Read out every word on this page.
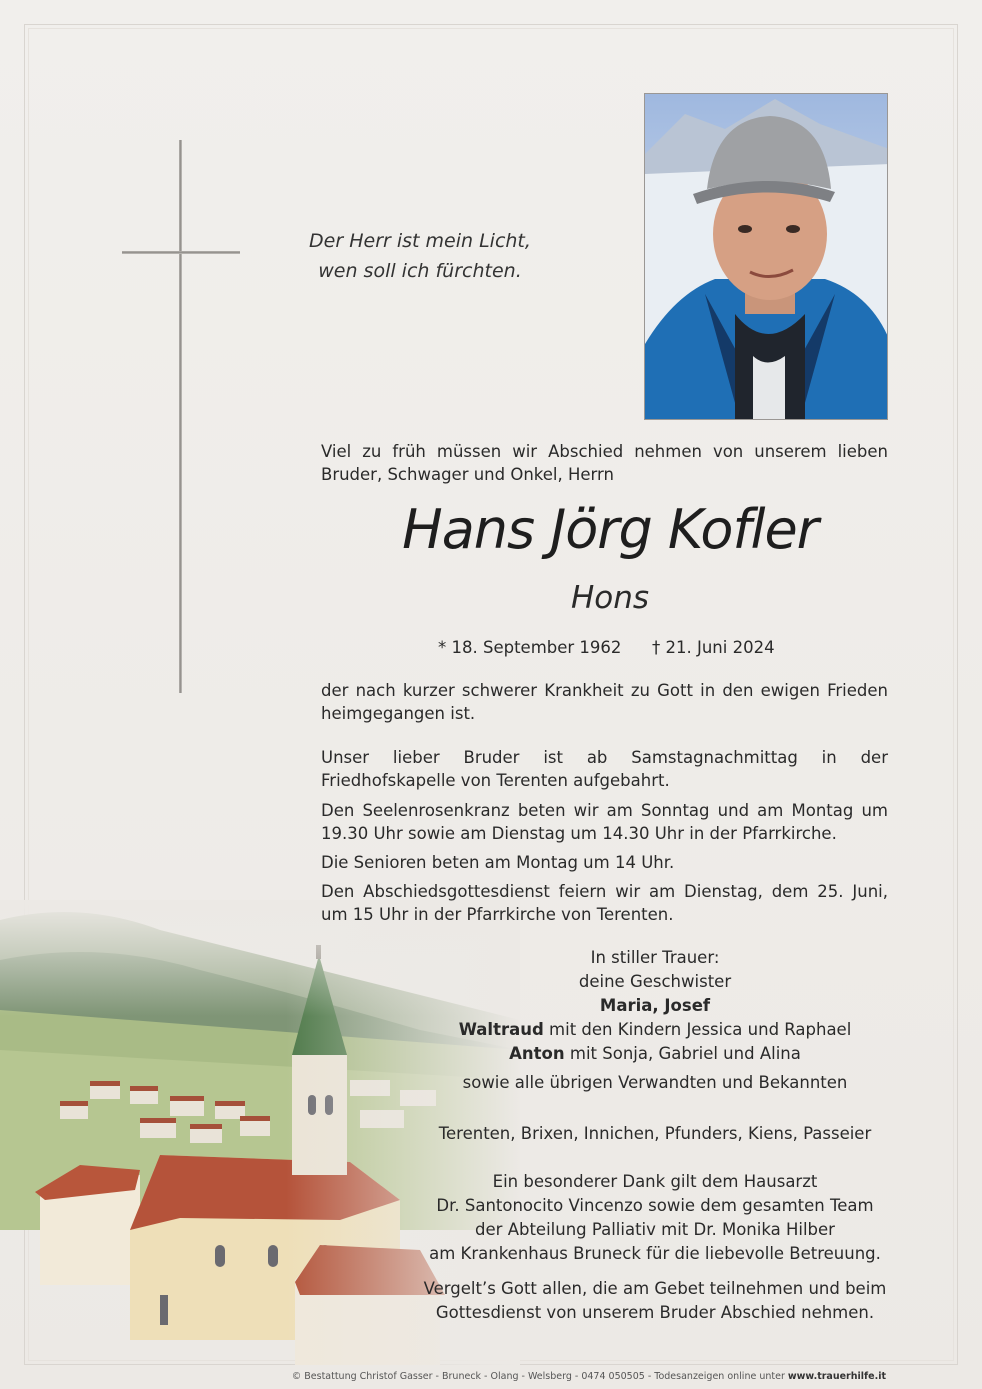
Der Herr ist mein Licht,
wen soll ich fürchten.
Viel zu früh müssen wir Abschied nehmen von unserem lieben Bruder, Schwager und Onkel, Herrn
Hans Jörg Kofler
Hons
* 18. September 1962 † 21. Juni 2024
der nach kurzer schwerer Krankheit zu Gott in den ewigen Frieden heimgegangen ist.
Unser lieber Bruder ist ab Samstagnachmittag in der Friedhofskapelle von Terenten aufgebahrt.
Den Seelenrosenkranz beten wir am Sonntag und am Montag um 19.30 Uhr sowie am Dienstag um 14.30 Uhr in der Pfarrkirche.
Die Senioren beten am Montag um 14 Uhr.
Den Abschiedsgottesdienst feiern wir am Dienstag, dem 25. Juni, um 15 Uhr in der Pfarrkirche von Terenten.
In stiller Trauer:
deine Geschwister
Maria, Josef
Waltraud mit den Kindern Jessica und Raphael
Anton mit Sonja, Gabriel und Alina
sowie alle übrigen Verwandten und Bekannten
Terenten, Brixen, Innichen, Pfunders, Kiens, Passeier
Ein besonderer Dank gilt dem Hausarzt
Dr. Santonocito Vincenzo sowie dem gesamten Team
der Abteilung Palliativ mit Dr. Monika Hilber
am Krankenhaus Bruneck für die liebevolle Betreuung.
Vergelt’s Gott allen, die am Gebet teilnehmen und beim
Gottesdienst von unserem Bruder Abschied nehmen.
© Bestattung Christof Gasser - Bruneck - Olang - Welsberg - 0474 050505 - Todesanzeigen online unter www.trauerhilfe.it
